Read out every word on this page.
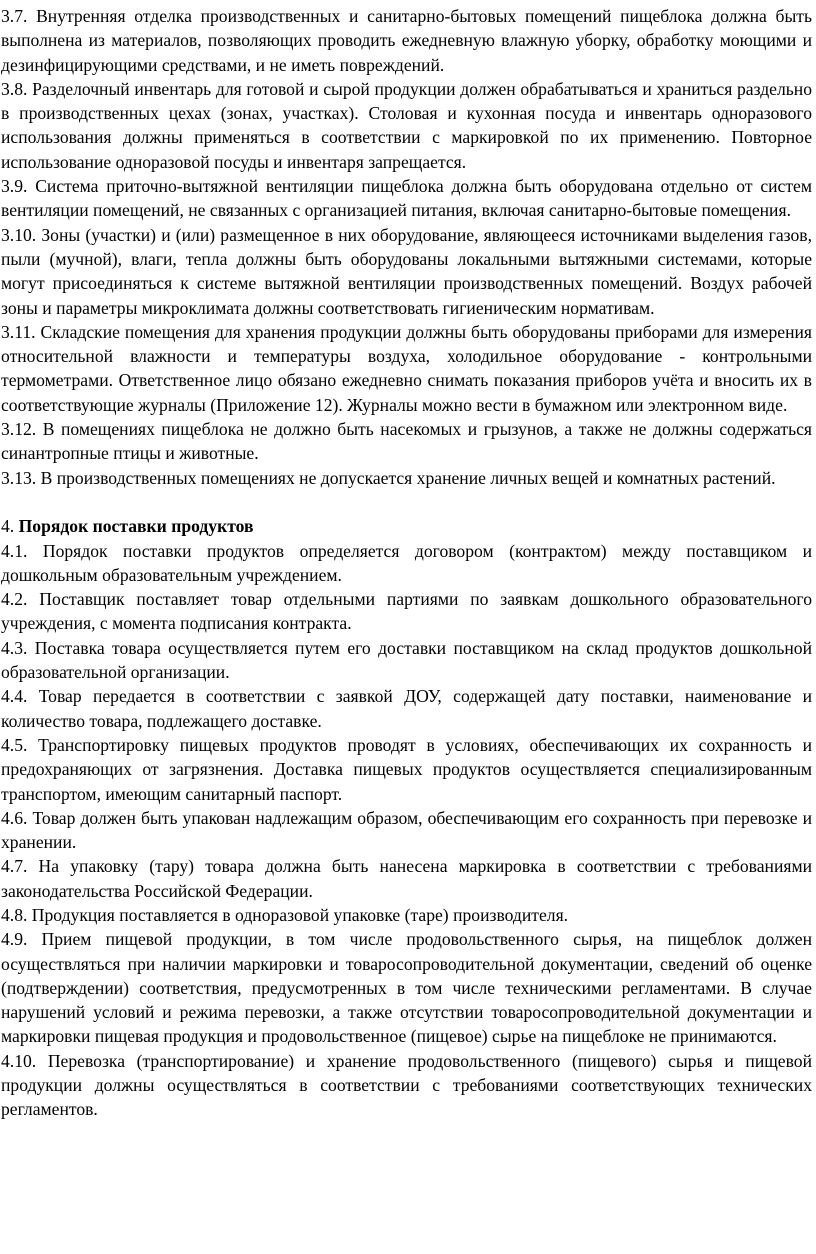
3.7. Внутренняя отделка производственных и санитарно-бытовых помещений пищеблока должна быть выполнена из материалов, позволяющих проводить ежедневную влажную уборку, обработку моющими и дезинфицирующими средствами, и не иметь повреждений.

3.8. Разделочный инвентарь для готовой и сырой продукции должен обрабатываться и храниться раздельно в производственных цехах (зонах, участках). Столовая и кухонная посуда и инвентарь одноразового использования должны применяться в соответствии с маркировкой по их применению. Повторное использование одноразовой посуды и инвентаря запрещается.

3.9. Система приточно-вытяжной вентиляции пищеблока должна быть оборудована отдельно от систем вентиляции помещений, не связанных с организацией питания, включая санитарно-бытовые помещения.

3.10. Зоны (участки) и (или) размещенное в них оборудование, являющееся источниками выделения газов, пыли (мучной), влаги, тепла должны быть оборудованы локальными вытяжными системами, которые могут присоединяться к системе вытяжной вентиляции производственных помещений. Воздух рабочей зоны и параметры микроклимата должны соответствовать гигиеническим нормативам.

3.11. Складские помещения для хранения продукции должны быть оборудованы приборами для измерения относительной влажности и температуры воздуха, холодильное оборудование - контрольными термометрами. Ответственное лицо обязано ежедневно снимать показания приборов учёта и вносить их в соответствующие журналы (Приложение 12). Журналы можно вести в бумажном или электронном виде.

3.12. В помещениях пищеблока не должно быть насекомых и грызунов, а также не должны содержаться синантропные птицы и животные.

3.13. В производственных помещениях не допускается хранение личных вещей и комнатных растений.

4. Порядок поставки продуктов

4.1. Порядок поставки продуктов определяется договором (контрактом) между поставщиком и дошкольным образовательным учреждением.

4.2. Поставщик поставляет товар отдельными партиями по заявкам дошкольного образовательного учреждения, с момента подписания контракта.

4.3. Поставка товара осуществляется путем его доставки поставщиком на склад продуктов дошкольной образовательной организации.

4.4. Товар передается в соответствии с заявкой ДОУ, содержащей дату поставки, наименование и количество товара, подлежащего доставке.

4.5. Транспортировку пищевых продуктов проводят в условиях, обеспечивающих их сохранность и предохраняющих от загрязнения. Доставка пищевых продуктов осуществляется специализированным транспортом, имеющим санитарный паспорт.

4.6. Товар должен быть упакован надлежащим образом, обеспечивающим его сохранность при перевозке и хранении.

4.7. На упаковку (тару) товара должна быть нанесена маркировка в соответствии с требованиями законодательства Российской Федерации.

4.8. Продукция поставляется в одноразовой упаковке (таре) производителя.

4.9. Прием пищевой продукции, в том числе продовольственного сырья, на пищеблок должен осуществляться при наличии маркировки и товаросопроводительной документации, сведений об оценке (подтверждении) соответствия, предусмотренных в том числе техническими регламентами. В случае нарушений условий и режима перевозки, а также отсутствии товаросопроводительной документации и маркировки пищевая продукция и продовольственное (пищевое) сырье на пищеблоке не принимаются.

4.10. Перевозка (транспортирование) и хранение продовольственного (пищевого) сырья и пищевой продукции должны осуществляться в соответствии с требованиями соответствующих технических регламентов.
